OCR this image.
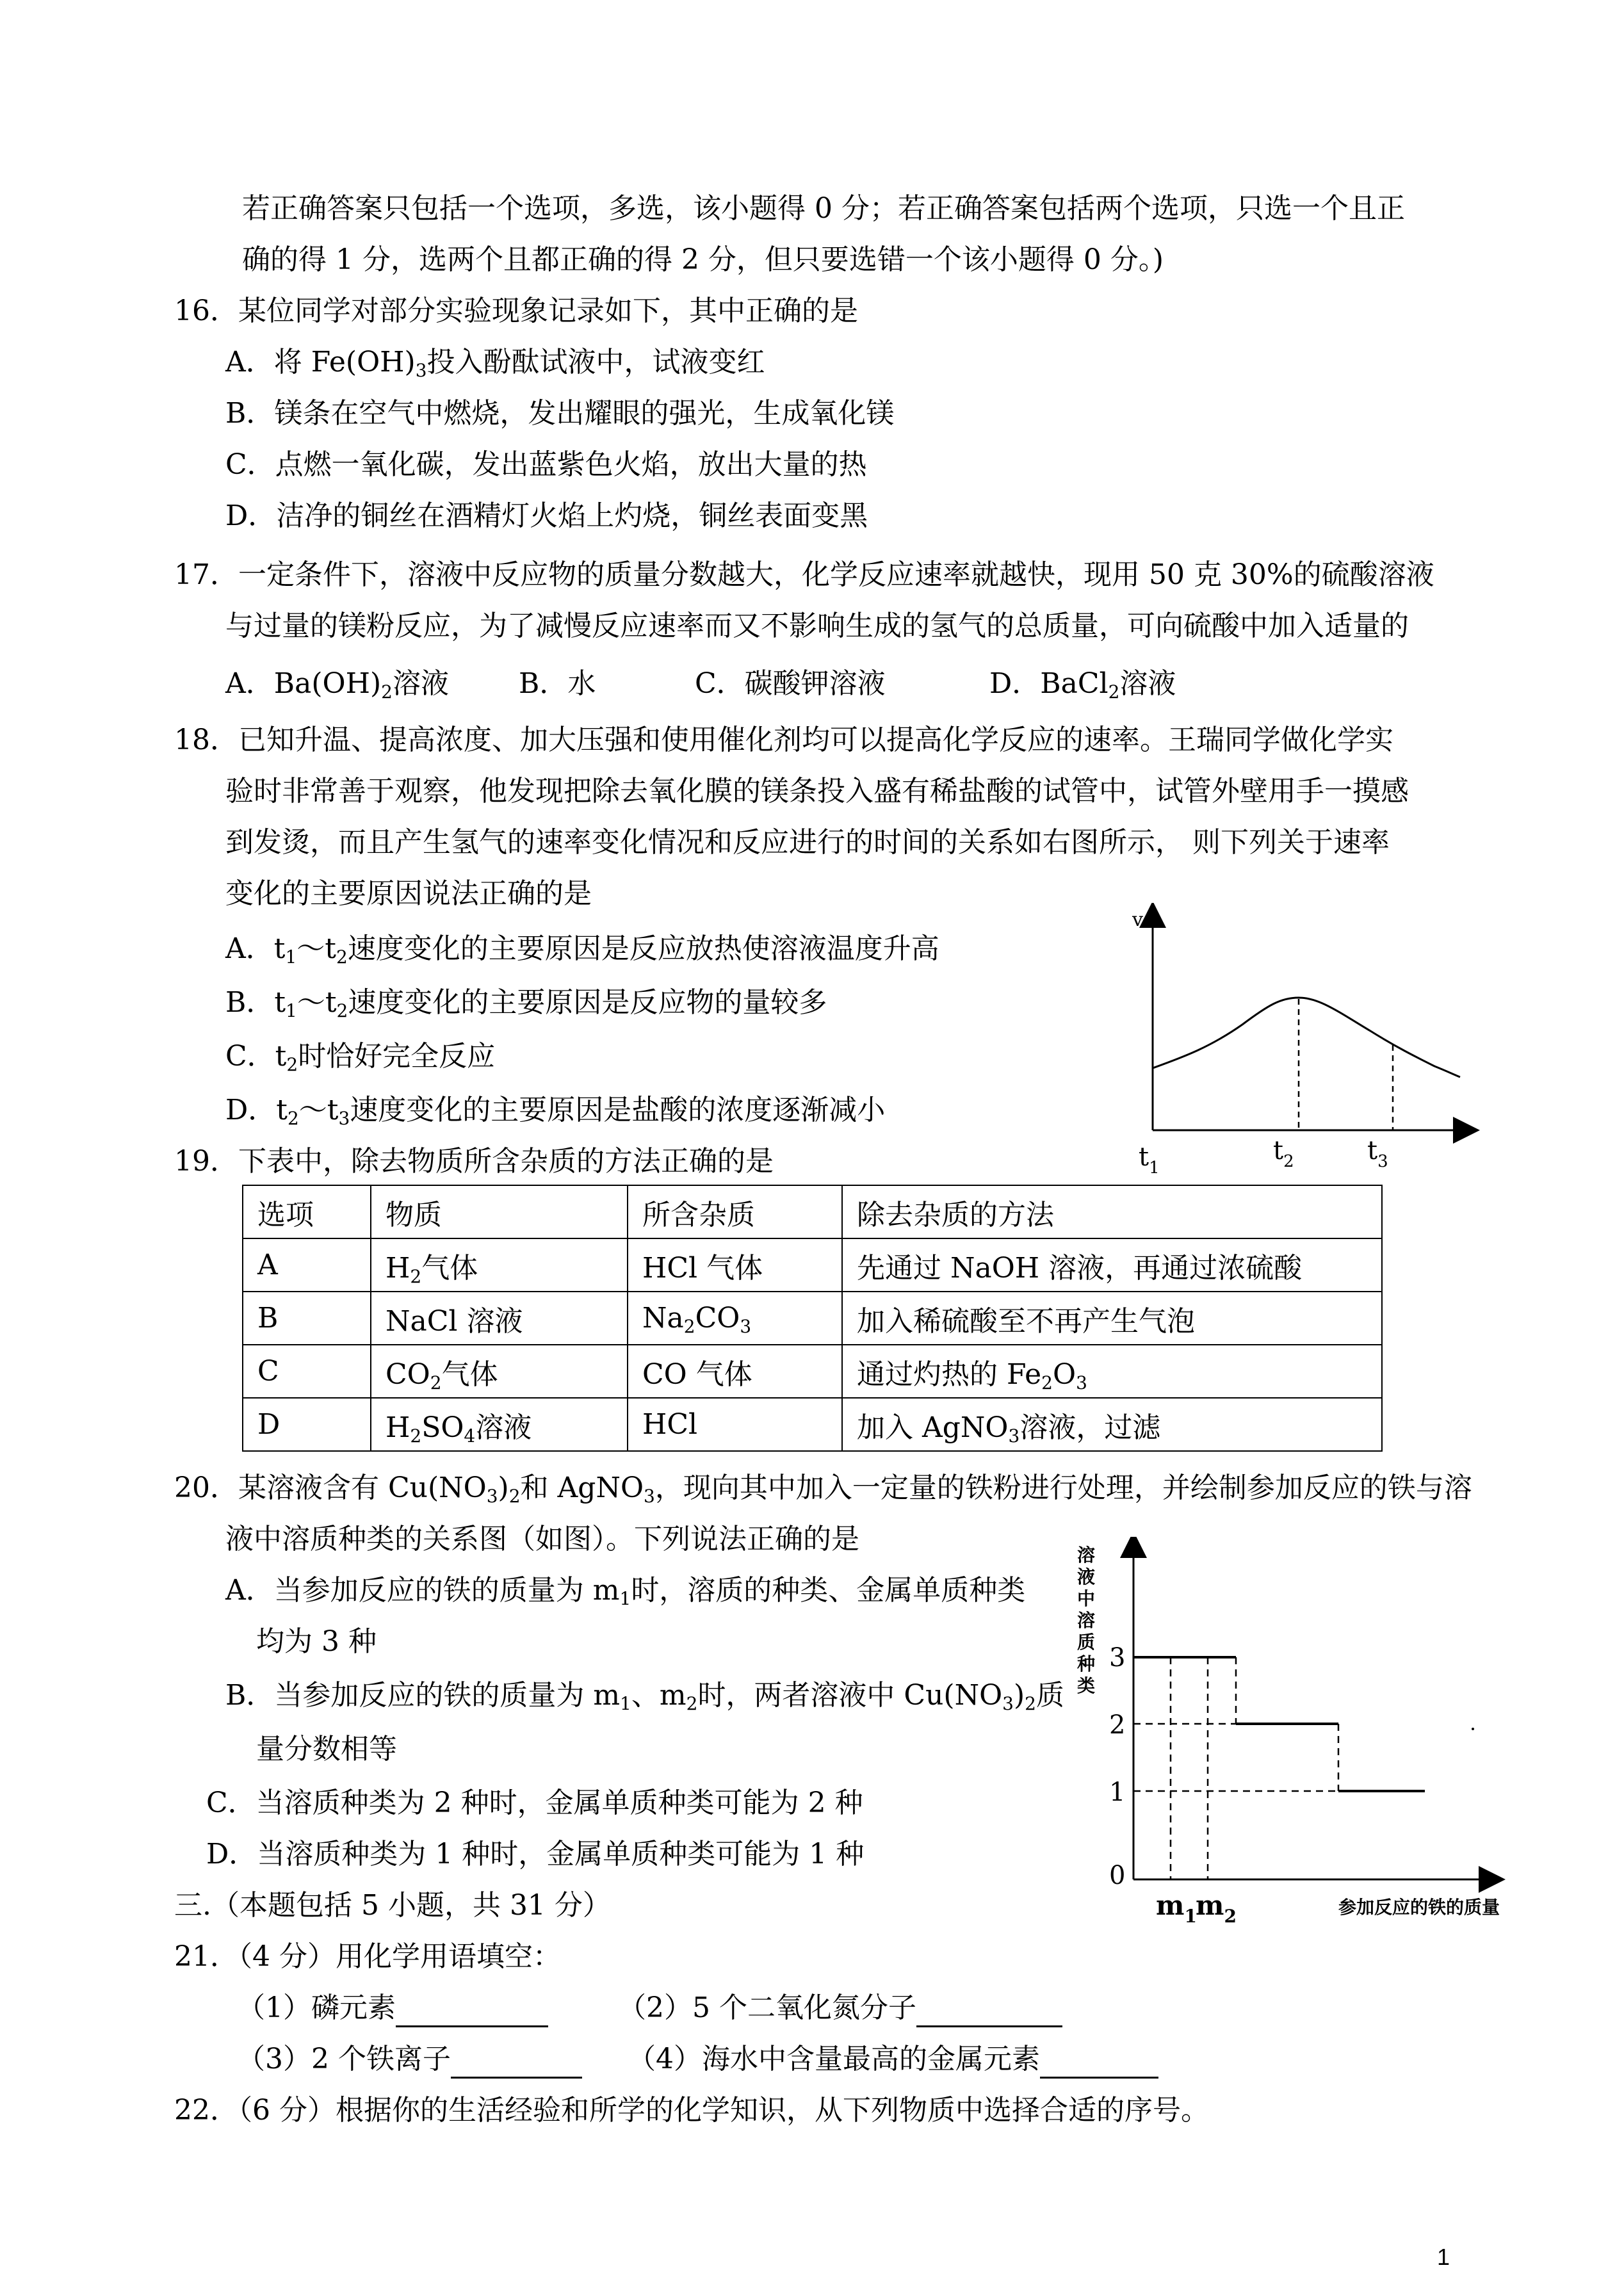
若正确答案只包括一个选项，多选，该小题得 0 分；若正确答案包括两个选项，只选一个且正
确的得 1 分，选两个且都正确的得 2 分，但只要选错一个该小题得 0 分。)
16．某位同学对部分实验现象记录如下，其中正确的是
A．将 $Fe(OH)_3$投入酚酞试液中，试液变红
B．镁条在空气中燃烧，发出耀眼的强光，生成氧化镁
C．点燃一氧化碳，发出蓝紫色火焰，放出大量的热
D．洁净的铜丝在酒精灯火焰上灼烧，铜丝表面变黑
17．一定条件下，溶液中反应物的质量分数越大，化学反应速率就越快，现用 50 克 30%的硫酸溶液
与过量的镁粉反应，为了减慢反应速率而又不影响生成的氢气的总质量，可向硫酸中加入适量的
A．$Ba(OH)_2$溶液 B．水	C．碳酸钾溶液	D．BaCl$_2$溶液
18．已知升温、提高浓度、加大压强和使用催化剂均可以提高化学反应的速率。王瑞同学做化学实
验时非常善于观察，他发现把除去氧化膜的镁条投入盛有稀盐酸的试管中，试管外壁用手一摸感
到发烫，而且产生氢气的速率变化情况和反应进行的时间的关系如右图所示， 则下列关于速率
变化的主要原因说法正确的是
A．$t_1\sim t_2$速度变化的主要原因是反应放热使溶液温度升高
B．$t_1\sim t_2$速度变化的主要原因是反应物的量较多
C．$t_2$时恰好完全反应
D．$t_2\sim t_3$速度变化的主要原因是盐酸的浓度逐渐减小
v
$t_1$
$t_2$	$t_3$
19．下表中，除去物质所含杂质的方法正确的是
选项	物质	所含杂质	除去杂质的方法
A	$H_2$气体	HCl 气体	先通过 NaOH 溶液，再通过浓硫酸
B	NaCl 溶液	$Na_2CO_3$	加入稀硫酸至不再产生气泡
C	$CO_2$气体	CO 气体	通过灼热的 $Fe_2O_3$
D	$H_2SO_4$溶液	HCl	加入 AgNO$_3$溶液，过滤
20．某溶液含有 $Cu(NO_3)_2$和 AgNO$_3$，现向其中加入一定量的铁粉进行处理，并绘制参加反应的铁与溶
液中溶质种类的关系图（如图）。下列说法正确的是
A．当参加反应的铁的质量为 $m_1$时，溶质的种类、金属单质种类
均为 3 种
B．当参加反应的铁的质量为 $m_1$、$m_2$时，两者溶液中 $Cu(NO_3)_2$质
量分数相等
C．当溶质种类为 2 种时，金属单质种类可能为 2 种
D．当溶质种类为 1 种时，金属单质种类可能为 1 种
溶
液
中
溶
质
种
类
3
2
1
0
$m_1$
$m_2$	参加反应的铁的质量
三.（本题包括 5 小题，共 31 分）
21．（4 分）用化学用语填空：
（1）磷元素	（2）5 个二氧化氮分子
（3）2 个铁离子	（4）海水中含量最高的金属元素
22．（6 分）根据你的生活经验和所学的化学知识，从下列物质中选择合适的序号。
1
